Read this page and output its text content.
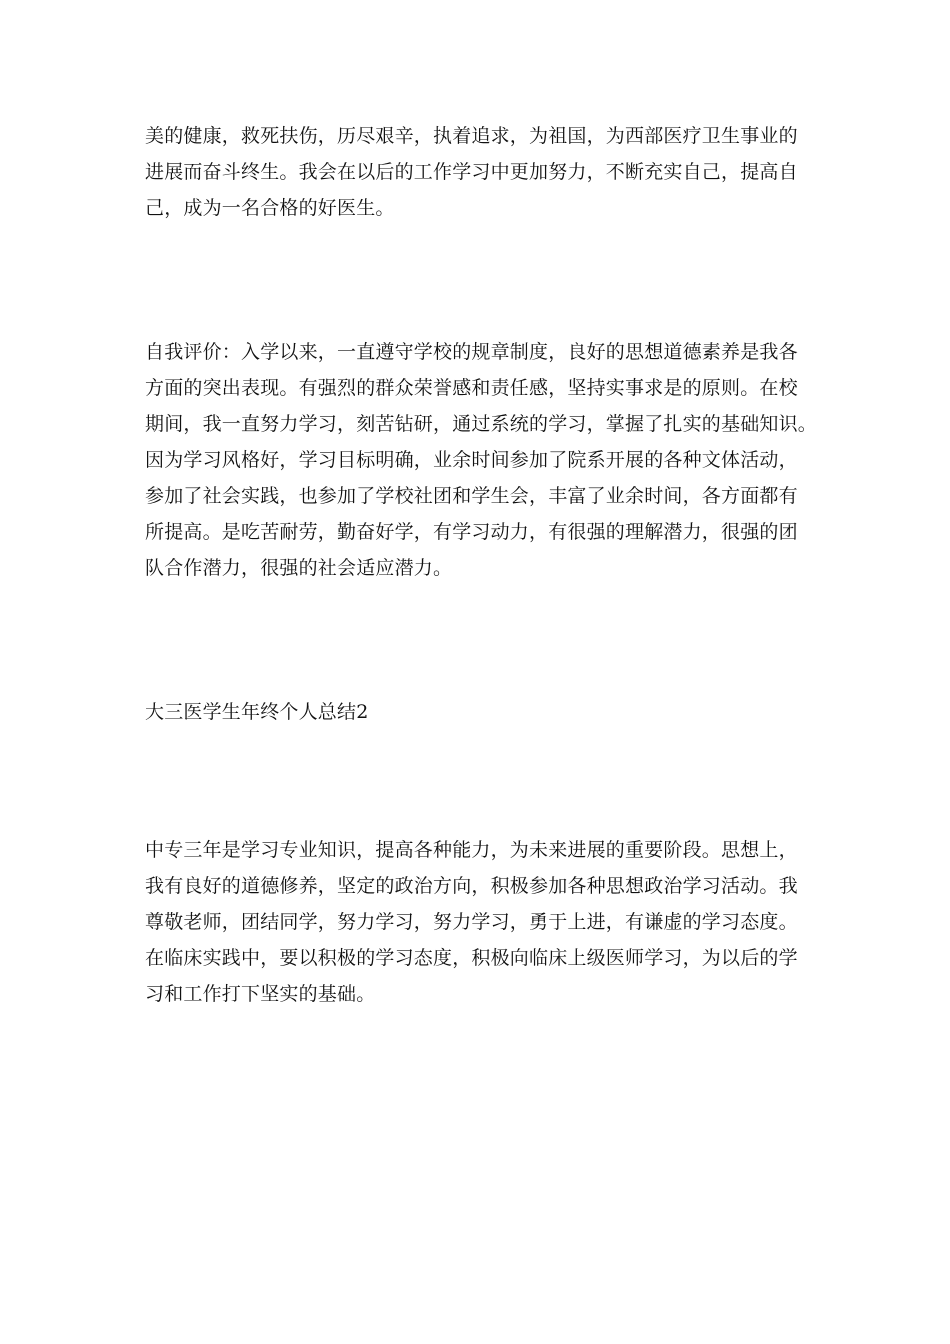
美的健康，救死扶伤，历尽艰辛，执着追求，为祖国，为西部医疗卫生事业的
进展而奋斗终生。我会在以后的工作学习中更加努力，不断充实自己，提高自
己，成为一名合格的好医生。
自我评价：入学以来，一直遵守学校的规章制度，良好的思想道德素养是我各
方面的突出表现。有强烈的群众荣誉感和责任感，坚持实事求是的原则。在校
期间，我一直努力学习，刻苦钻研，通过系统的学习，掌握了扎实的基础知识。
因为学习风格好，学习目标明确，业余时间参加了院系开展的各种文体活动，
参加了社会实践，也参加了学校社团和学生会，丰富了业余时间，各方面都有
所提高。是吃苦耐劳，勤奋好学，有学习动力，有很强的理解潜力，很强的团
队合作潜力，很强的社会适应潜力。
大三医学生年终个人总结2
中专三年是学习专业知识，提高各种能力，为未来进展的重要阶段。思想上，
我有良好的道德修养，坚定的政治方向，积极参加各种思想政治学习活动。我
尊敬老师，团结同学，努力学习，努力学习，勇于上进，有谦虚的学习态度。
在临床实践中，要以积极的学习态度，积极向临床上级医师学习，为以后的学
习和工作打下坚实的基础。
